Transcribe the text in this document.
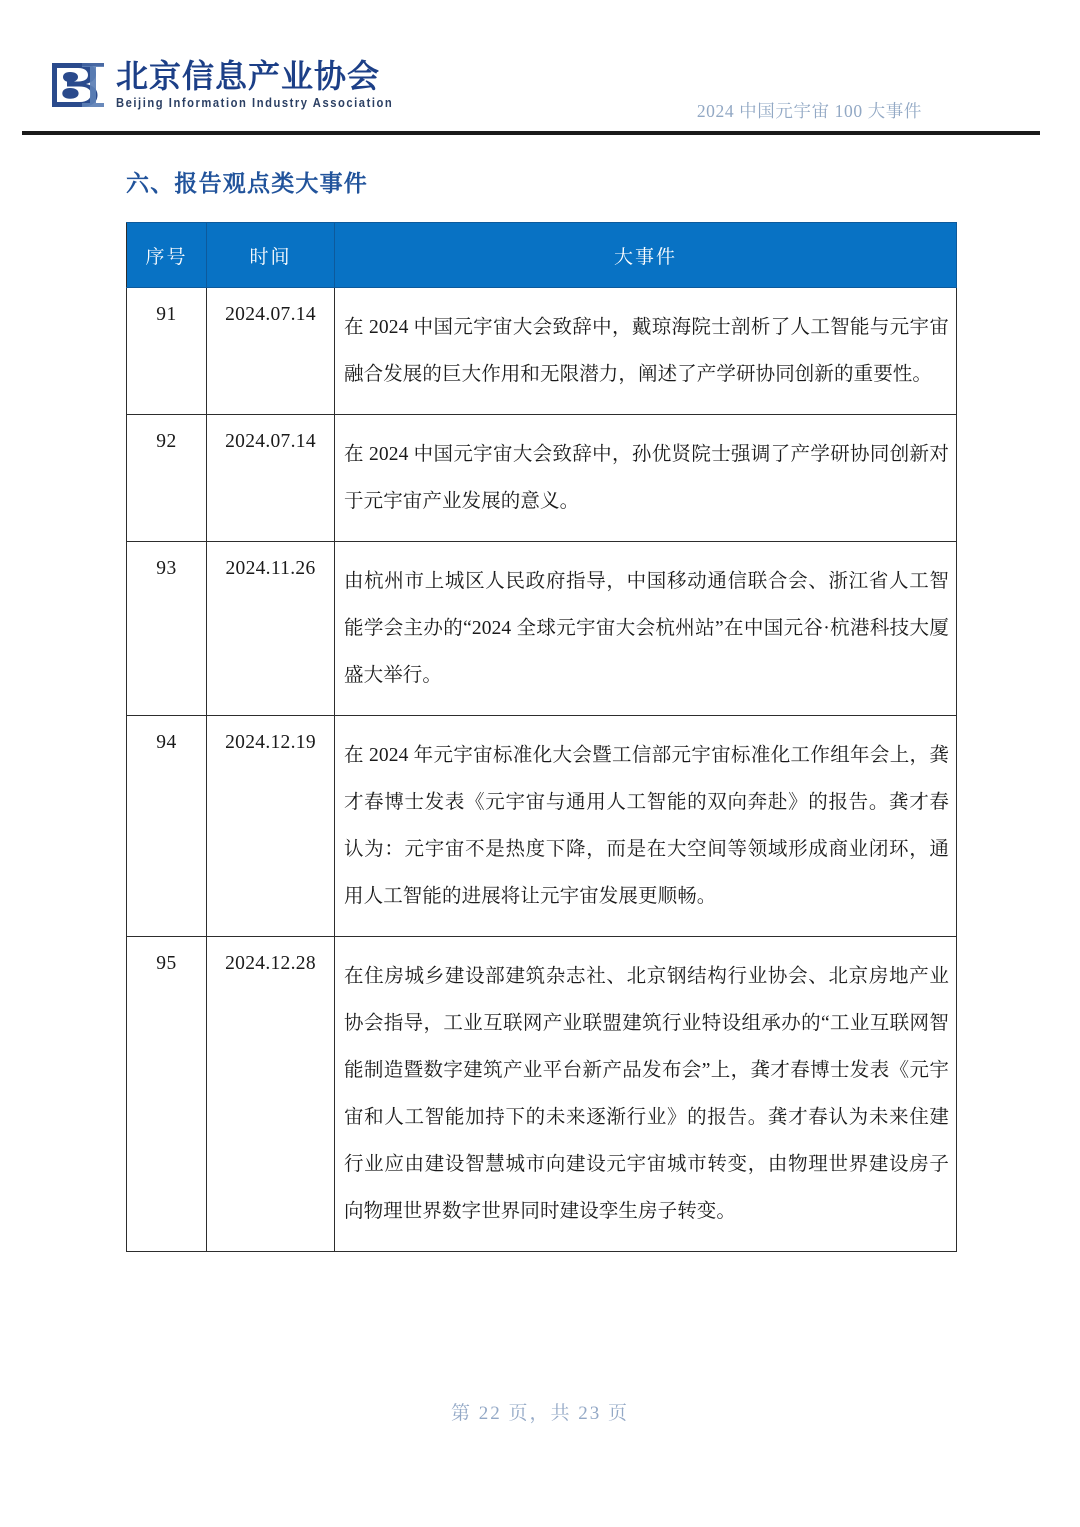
北京信息产业协会
Beijing Information Industry Association	2024 中国元宇宙 100 大事件
六、报告观点类大事件
序号	时间	大事件
91	2024.07.14	在 2024 中国元宇宙大会致辞中，戴琼海院士剖析了人工智能与元宇宙融合发展的巨大作用和无限潜力，阐述了产学研协同创新的重要性。

92	2024.07.14	在 2024 中国元宇宙大会致辞中，孙优贤院士强调了产学研协同创新对于元宇宙产业发展的意义。

93	2024.11.26	由杭州市上城区人民政府指导，中国移动通信联合会、浙江省人工智能学会主办的“2024 全球元宇宙大会杭州站”在中国元谷·杭港科技大厦盛大举行。

94	2024.12.19	在 2024 年元宇宙标准化大会暨工信部元宇宙标准化工作组年会上，龚才春博士发表《元宇宙与通用人工智能的双向奔赴》的报告。龚才春认为：元宇宙不是热度下降，而是在大空间等领域形成商业闭环，通用人工智能的进展将让元宇宙发展更顺畅。

95	2024.12.28	在住房城乡建设部建筑杂志社、北京钢结构行业协会、北京房地产业协会指导，工业互联网产业联盟建筑行业特设组承办的“工业互联网智能制造暨数字建筑产业平台新产品发布会”上，龚才春博士发表《元宇宙和人工智能加持下的未来逐渐行业》的报告。龚才春认为未来住建行业应由建设智慧城市向建设元宇宙城市转变，由物理世界建设房子向物理世界数字世界同时建设孪生房子转变。
第 22 页，共 23 页
